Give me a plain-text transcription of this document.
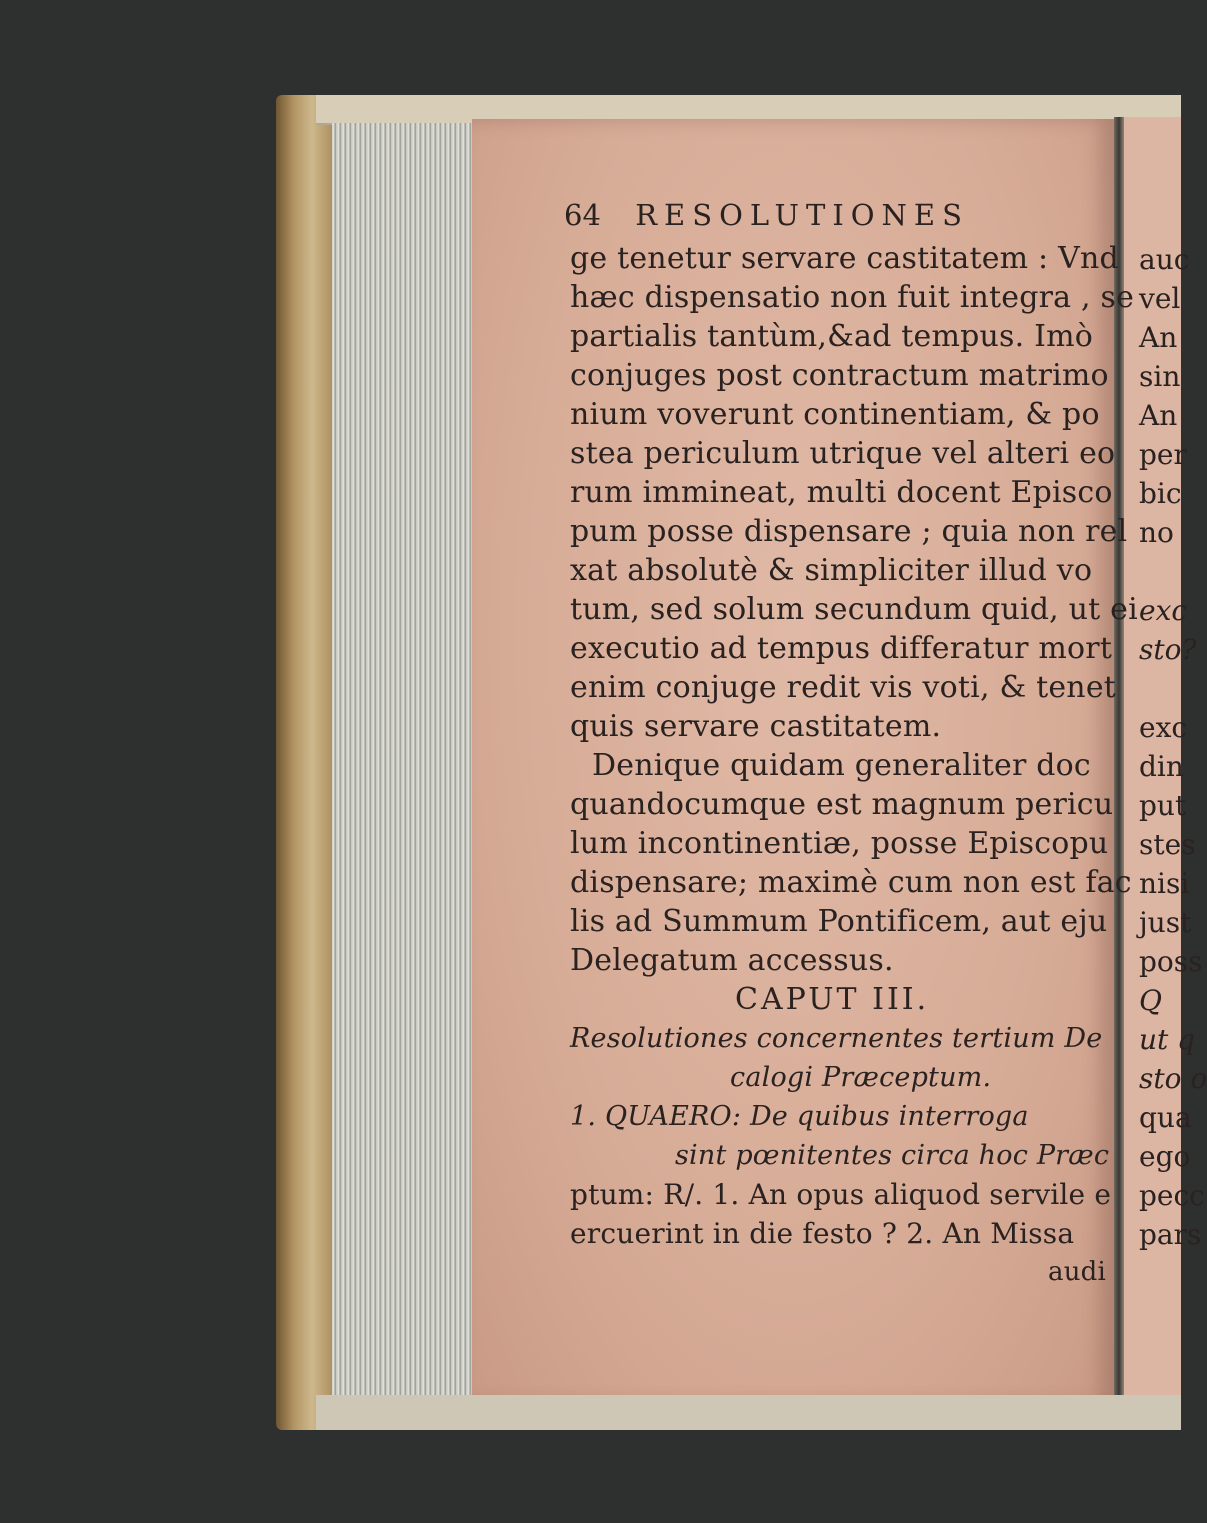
64 RESOLUTIONES
ge tenetur servare castitatem : Vnd
hæc dispensatio non fuit integra , se
partialis tantùm,&ad tempus. Imò
conjuges post contractum matrimo
nium voverunt continentiam, & po
stea periculum utrique vel alteri eo
rum immineat, multi docent Episco
pum posse dispensare ; quia non rel
xat absolutè & simpliciter illud vo
tum, sed solum secundum quid, ut ei
executio ad tempus differatur mort
enim conjuge redit vis voti, & tenet
quis servare castitatem.
Denique quidam generaliter doc
quandocumque est magnum pericu
lum incontinentiæ, posse Episcopu
dispensare; maximè cum non est fac
lis ad Summum Pontificem, aut eju
Delegatum accessus.
CAPUT III.
Resolutiones concernentes tertium De
calogi Præceptum.
1. QUAERO: De quibus interroga
sint pœnitentes circa hoc Præc
ptum: R/. 1. An opus aliquod servile e
ercuerint in die festo ? 2. An Missa
audi
auc
vel
An
sin
An
per
bic
no
exc
sto?
exc
din
put
stes
nisi
just
poss
Q
ut q
sto o
qua
ego
pecc
pars
